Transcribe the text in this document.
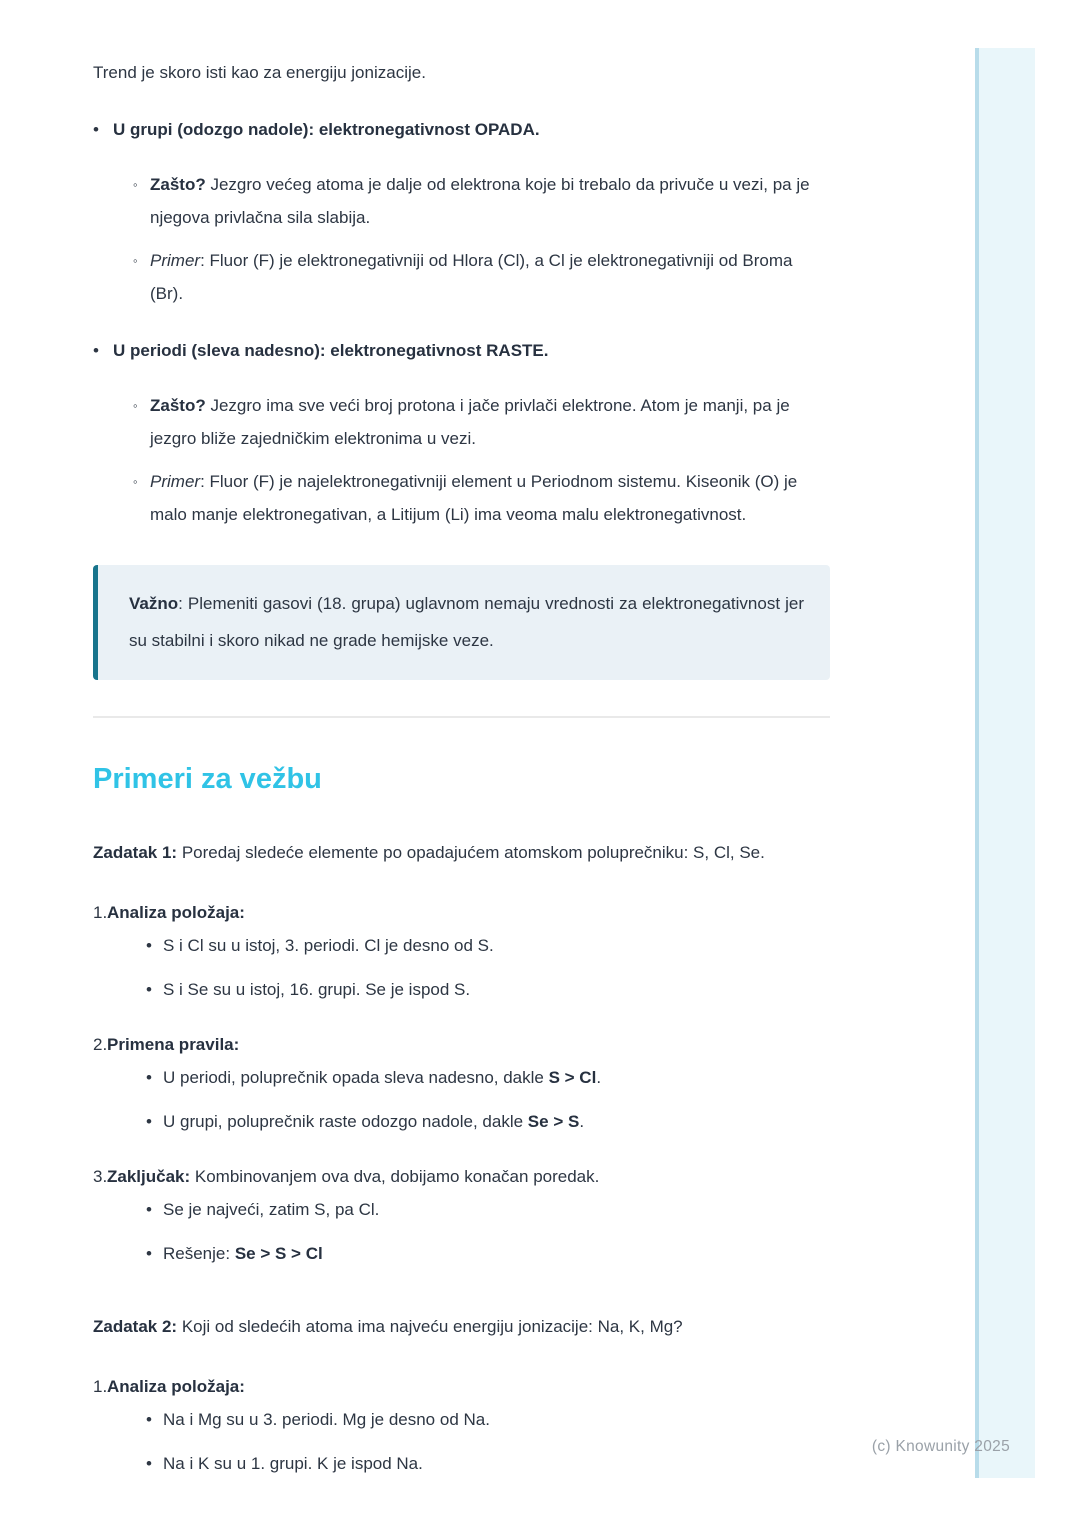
(c) Knowunity 2025

Trend je skoro isti kao za energiju jonizacije.

• U grupi (odozgo nadole): elektronegativnost OPADA.

◦ Zašto? Jezgro većeg atoma je dalje od elektrona koje bi trebalo da privuče u vezi, pa je njegova privlačna sila slabija.

◦ Primer: Fluor (F) je elektronegativniji od Hlora (Cl), a Cl je elektronegativniji od Broma (Br).

• U periodi (sleva nadesno): elektronegativnost RASTE.

◦ Zašto? Jezgro ima sve veći broj protona i jače privlači elektrone. Atom je manji, pa je jezgro bliže zajedničkim elektronima u vezi.

◦ Primer: Fluor (F) je najelektronegativniji element u Periodnom sistemu. Kiseonik (O) je malo manje elektronegativan, a Litijum (Li) ima veoma malu elektronegativnost.

Važno: Plemeniti gasovi (18. grupa) uglavnom nemaju vrednosti za elektronegativnost jer su stabilni i skoro nikad ne grade hemijske veze.

Primeri za vežbu

Zadatak 1: Poredaj sledeće elemente po opadajućem atomskom poluprečniku: S, Cl, Se.

1. Analiza položaja:

• S i Cl su u istoj, 3. periodi. Cl je desno od S.

• S i Se su u istoj, 16. grupi. Se je ispod S.

2. Primena pravila:

• U periodi, poluprečnik opada sleva nadesno, dakle S > Cl.

• U grupi, poluprečnik raste odozgo nadole, dakle Se > S.

3. Zaključak: Kombinovanjem ova dva, dobijamo konačan poredak.

• Se je najveći, zatim S, pa Cl.

• Rešenje: Se > S > Cl

Zadatak 2: Koji od sledećih atoma ima najveću energiju jonizacije: Na, K, Mg?

1. Analiza položaja:

• Na i Mg su u 3. periodi. Mg je desno od Na.

• Na i K su u 1. grupi. K je ispod Na.
